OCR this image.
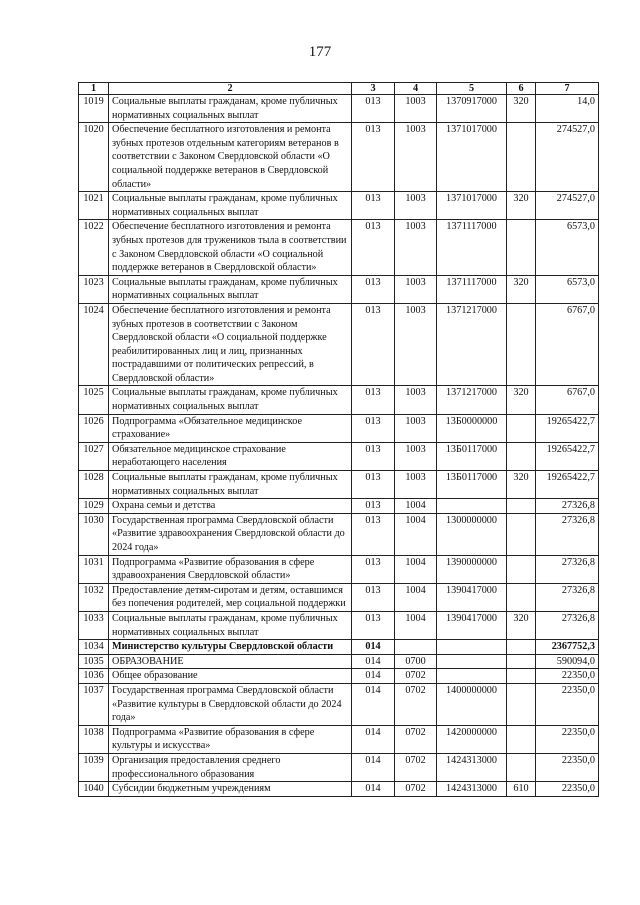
177
1	2	3	4	5	6	7
1019	Социальные выплаты гражданам, кроме публичных нормативных социальных выплат	013	1003	1370917000	320	14,0
1020	Обеспечение бесплатного изготовления и ремонта зубных протезов отдельным категориям ветеранов в соответствии с Законом Свердловской области «О социальной поддержке ветеранов в Свердловской области»	013	1003	1371017000		274527,0
1021	Социальные выплаты гражданам, кроме публичных нормативных социальных выплат	013	1003	1371017000	320	274527,0
1022	Обеспечение бесплатного изготовления и ремонта зубных протезов для тружеников тыла в соответствии с Законом Свердловской области «О социальной поддержке ветеранов в Свердловской области»	013	1003	1371117000		6573,0
1023	Социальные выплаты гражданам, кроме публичных нормативных социальных выплат	013	1003	1371117000	320	6573,0
1024	Обеспечение бесплатного изготовления и ремонта зубных протезов в соответствии с Законом Свердловской области «О социальной поддержке реабилитированных лиц и лиц, признанных пострадавшими от политических репрессий, в Свердловской области»	013	1003	1371217000		6767,0
1025	Социальные выплаты гражданам, кроме публичных нормативных социальных выплат	013	1003	1371217000	320	6767,0
1026	Подпрограмма «Обязательное медицинское страхование»	013	1003	13Б0000000		19265422,7
1027	Обязательное медицинское страхование неработающего населения	013	1003	13Б0117000		19265422,7
1028	Социальные выплаты гражданам, кроме публичных нормативных социальных выплат	013	1003	13Б0117000	320	19265422,7
1029	Охрана семьи и детства	013	1004			27326,8
1030	Государственная программа Свердловской области «Развитие здравоохранения Свердловской области до 2024 года»	013	1004	1300000000		27326,8
1031	Подпрограмма «Развитие образования в сфере здравоохранения Свердловской области»	013	1004	1390000000		27326,8
1032	Предоставление детям-сиротам и детям, оставшимся без попечения родителей, мер социальной поддержки	013	1004	1390417000		27326,8
1033	Социальные выплаты гражданам, кроме публичных нормативных социальных выплат	013	1004	1390417000	320	27326,8
1034	Министерство культуры Свердловской области	014				2367752,3
1035	ОБРАЗОВАНИЕ	014	0700			590094,0
1036	Общее образование	014	0702			22350,0
1037	Государственная программа Свердловской области «Развитие культуры в Свердловской области до 2024 года»	014	0702	1400000000		22350,0
1038	Подпрограмма «Развитие образования в сфере культуры и искусства»	014	0702	1420000000		22350,0
1039	Организация предоставления среднего профессионального образования	014	0702	1424313000		22350,0
1040	Субсидии бюджетным учреждениям	014	0702	1424313000	610	22350,0
